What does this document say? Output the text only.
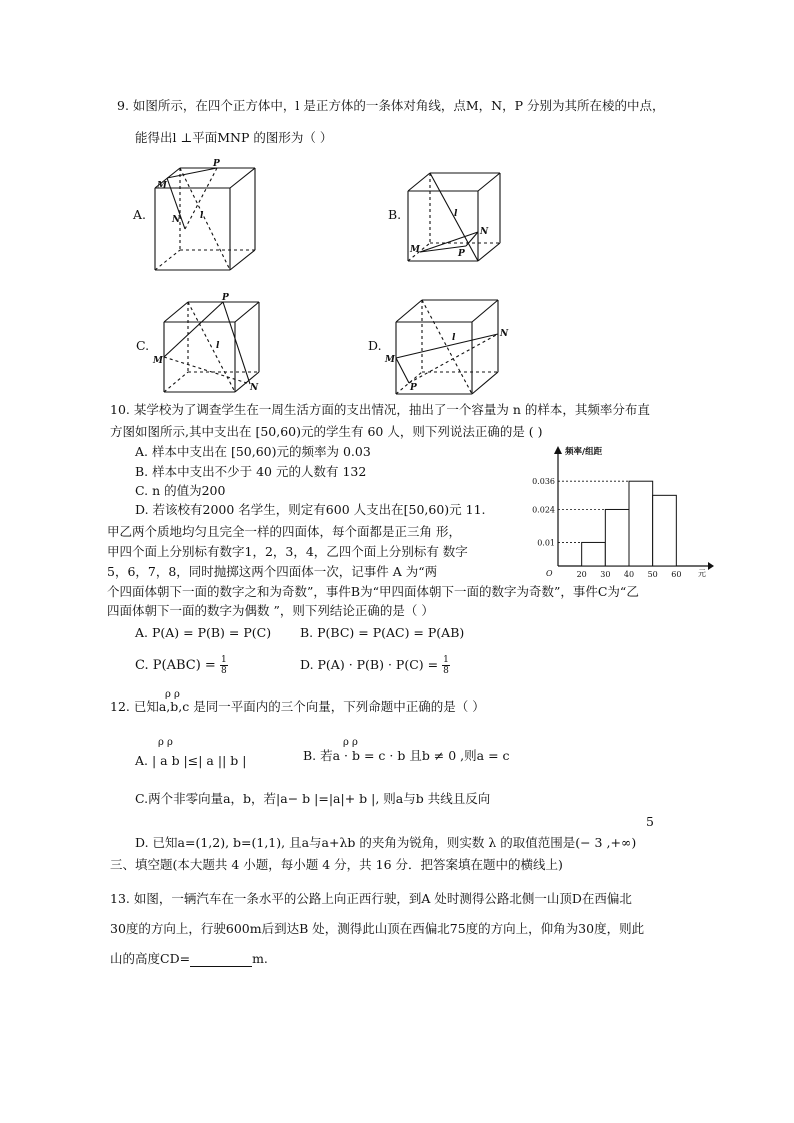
9. 如图所示，在四个正方体中，l 是正方体的一条体对角线，点M，N，P 分别为其所在棱的中点，
能得出l ⊥平面MNP 的图形为（ ）
A.
P
M
N l	B.
M	P
N
l
C.
P
M
N
l	D.
M
P
N
l
10. 某学校为了调查学生在一周生活方面的支出情况，抽出了一个容量为 n 的样本，其频率分布直
方图如图所示,其中支出在 [50,60)元的学生有 60 人，则下列说法正确的是 ( )
A. 样本中支出在 [50,60)元的频率为 0.03
B. 样本中支出不少于 40 元的人数有 132
C. n 的值为200
D. 若该校有2000 名学生，则定有600 人支出在[50,60)元 11.
频率/组距
O	元
0.01
0.024
0.036
20 30 40 50 60
甲乙两个质地均匀且完全一样的四面体，每个面都是正三角 形，
甲四个面上分别标有数字1，2，3，4，乙四个面上分别标有 数字
5，6，7，8，同时抛掷这两个四面体一次，记事件 A 为“两
个四面体朝下一面的数字之和为奇数”，事件B为“甲四面体朝下一面的数字为奇数”，事件C为“乙
四面体朝下一面的数字为偶数 ”，则下列结论正确的是（ ）
A. P(A) = P(B) = P(C) B. P(BC) = P(AC) = P(AB)
C. $P(ABC) = \frac{1}{8}$	D. $P(A) \cdot P(B) \cdot P(C) = \frac{1}{8}$
ρ ρ
12. 已知a,b,c 是同一平面内的三个向量，下列命题中正确的是（ ）
ρ ρ
A. | a b |≤| a || b |
ρ ρ
B. 若a · b = c · b 且b ≠ 0 ,则a = c
C.两个非零向量a，b，若|a− b |=|a|+ b |, 则a与b 共线且反向
5
D. 已知a=(1,2), b=(1,1), 且a与a+λb 的夹角为锐角，则实数 λ 的取值范围是(− 3 ,+∞)
三、填空题(本大题共 4 小题，每小题 4 分，共 16 分．把答案填在题中的横线上)
13. 如图，一辆汽车在一条水平的公路上向正西行驶，到A 处时测得公路北侧一山顶D在西偏北
30度的方向上，行驶600m后到达B 处，测得此山顶在西偏北75度的方向上，仰角为30度，则此
山的高度CD=	m.
